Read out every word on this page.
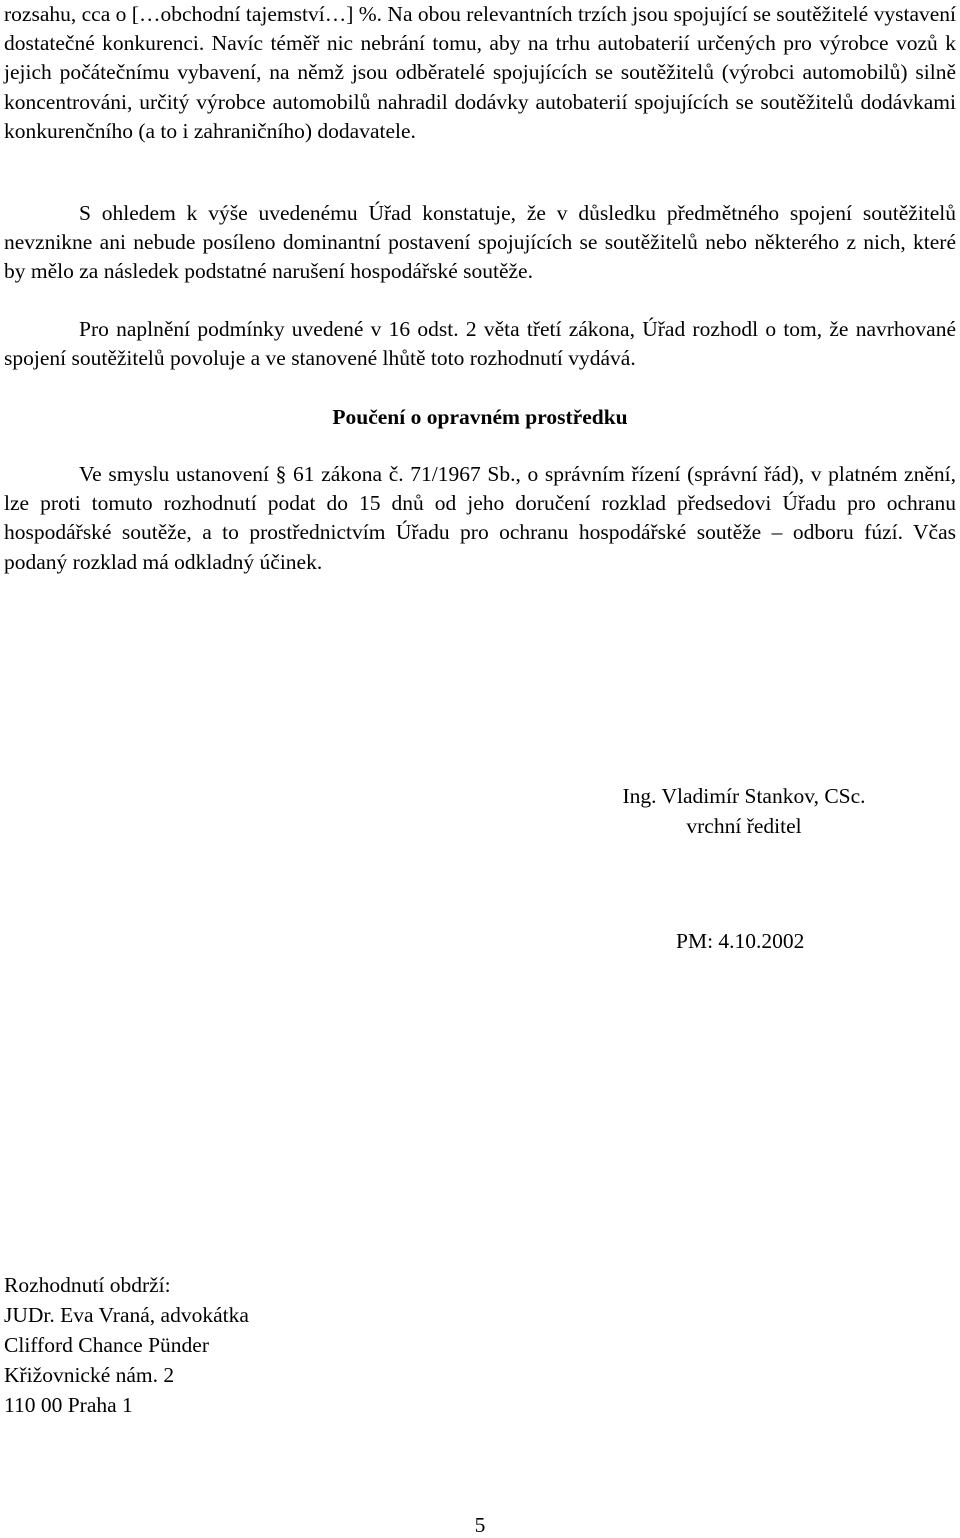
rozsahu, cca o […obchodní tajemství…] %. Na obou relevantních trzích jsou spojující se soutěžitelé vystavení dostatečné konkurenci. Navíc téměř nic nebrání tomu, aby na trhu autobaterií určených pro výrobce vozů k jejich počátečnímu vybavení, na němž jsou odběratelé spojujících se soutěžitelů (výrobci automobilů) silně koncentrováni, určitý výrobce automobilů nahradil dodávky autobaterií spojujících se soutěžitelů dodávkami konkurenčního (a to i zahraničního) dodavatele.

S ohledem k výše uvedenému Úřad konstatuje, že v důsledku předmětného spojení soutěžitelů nevznikne ani nebude posíleno dominantní postavení spojujících se soutěžitelů nebo některého z nich, které by mělo za následek podstatné narušení hospodářské soutěže.

Pro naplnění podmínky uvedené v 16 odst. 2 věta třetí zákona, Úřad rozhodl o tom, že navrhované spojení soutěžitelů povoluje a ve stanovené lhůtě toto rozhodnutí vydává.

Poučení o opravném prostředku

Ve smyslu ustanovení § 61 zákona č. 71/1967 Sb., o správním řízení (správní řád), v platném znění, lze proti tomuto rozhodnutí podat do 15 dnů od jeho doručení rozklad předsedovi Úřadu pro ochranu hospodářské soutěže, a to prostřednictvím Úřadu pro ochranu hospodářské soutěže – odboru fúzí. Včas podaný rozklad má odkladný účinek.

Ing. Vladimír Stankov, CSc.
vrchní ředitel
PM: 4.10.2002
Rozhodnutí obdrží:
JUDr. Eva Vraná, advokátka
Clifford Chance Pünder
Křižovnické nám. 2
110 00 Praha 1
5
